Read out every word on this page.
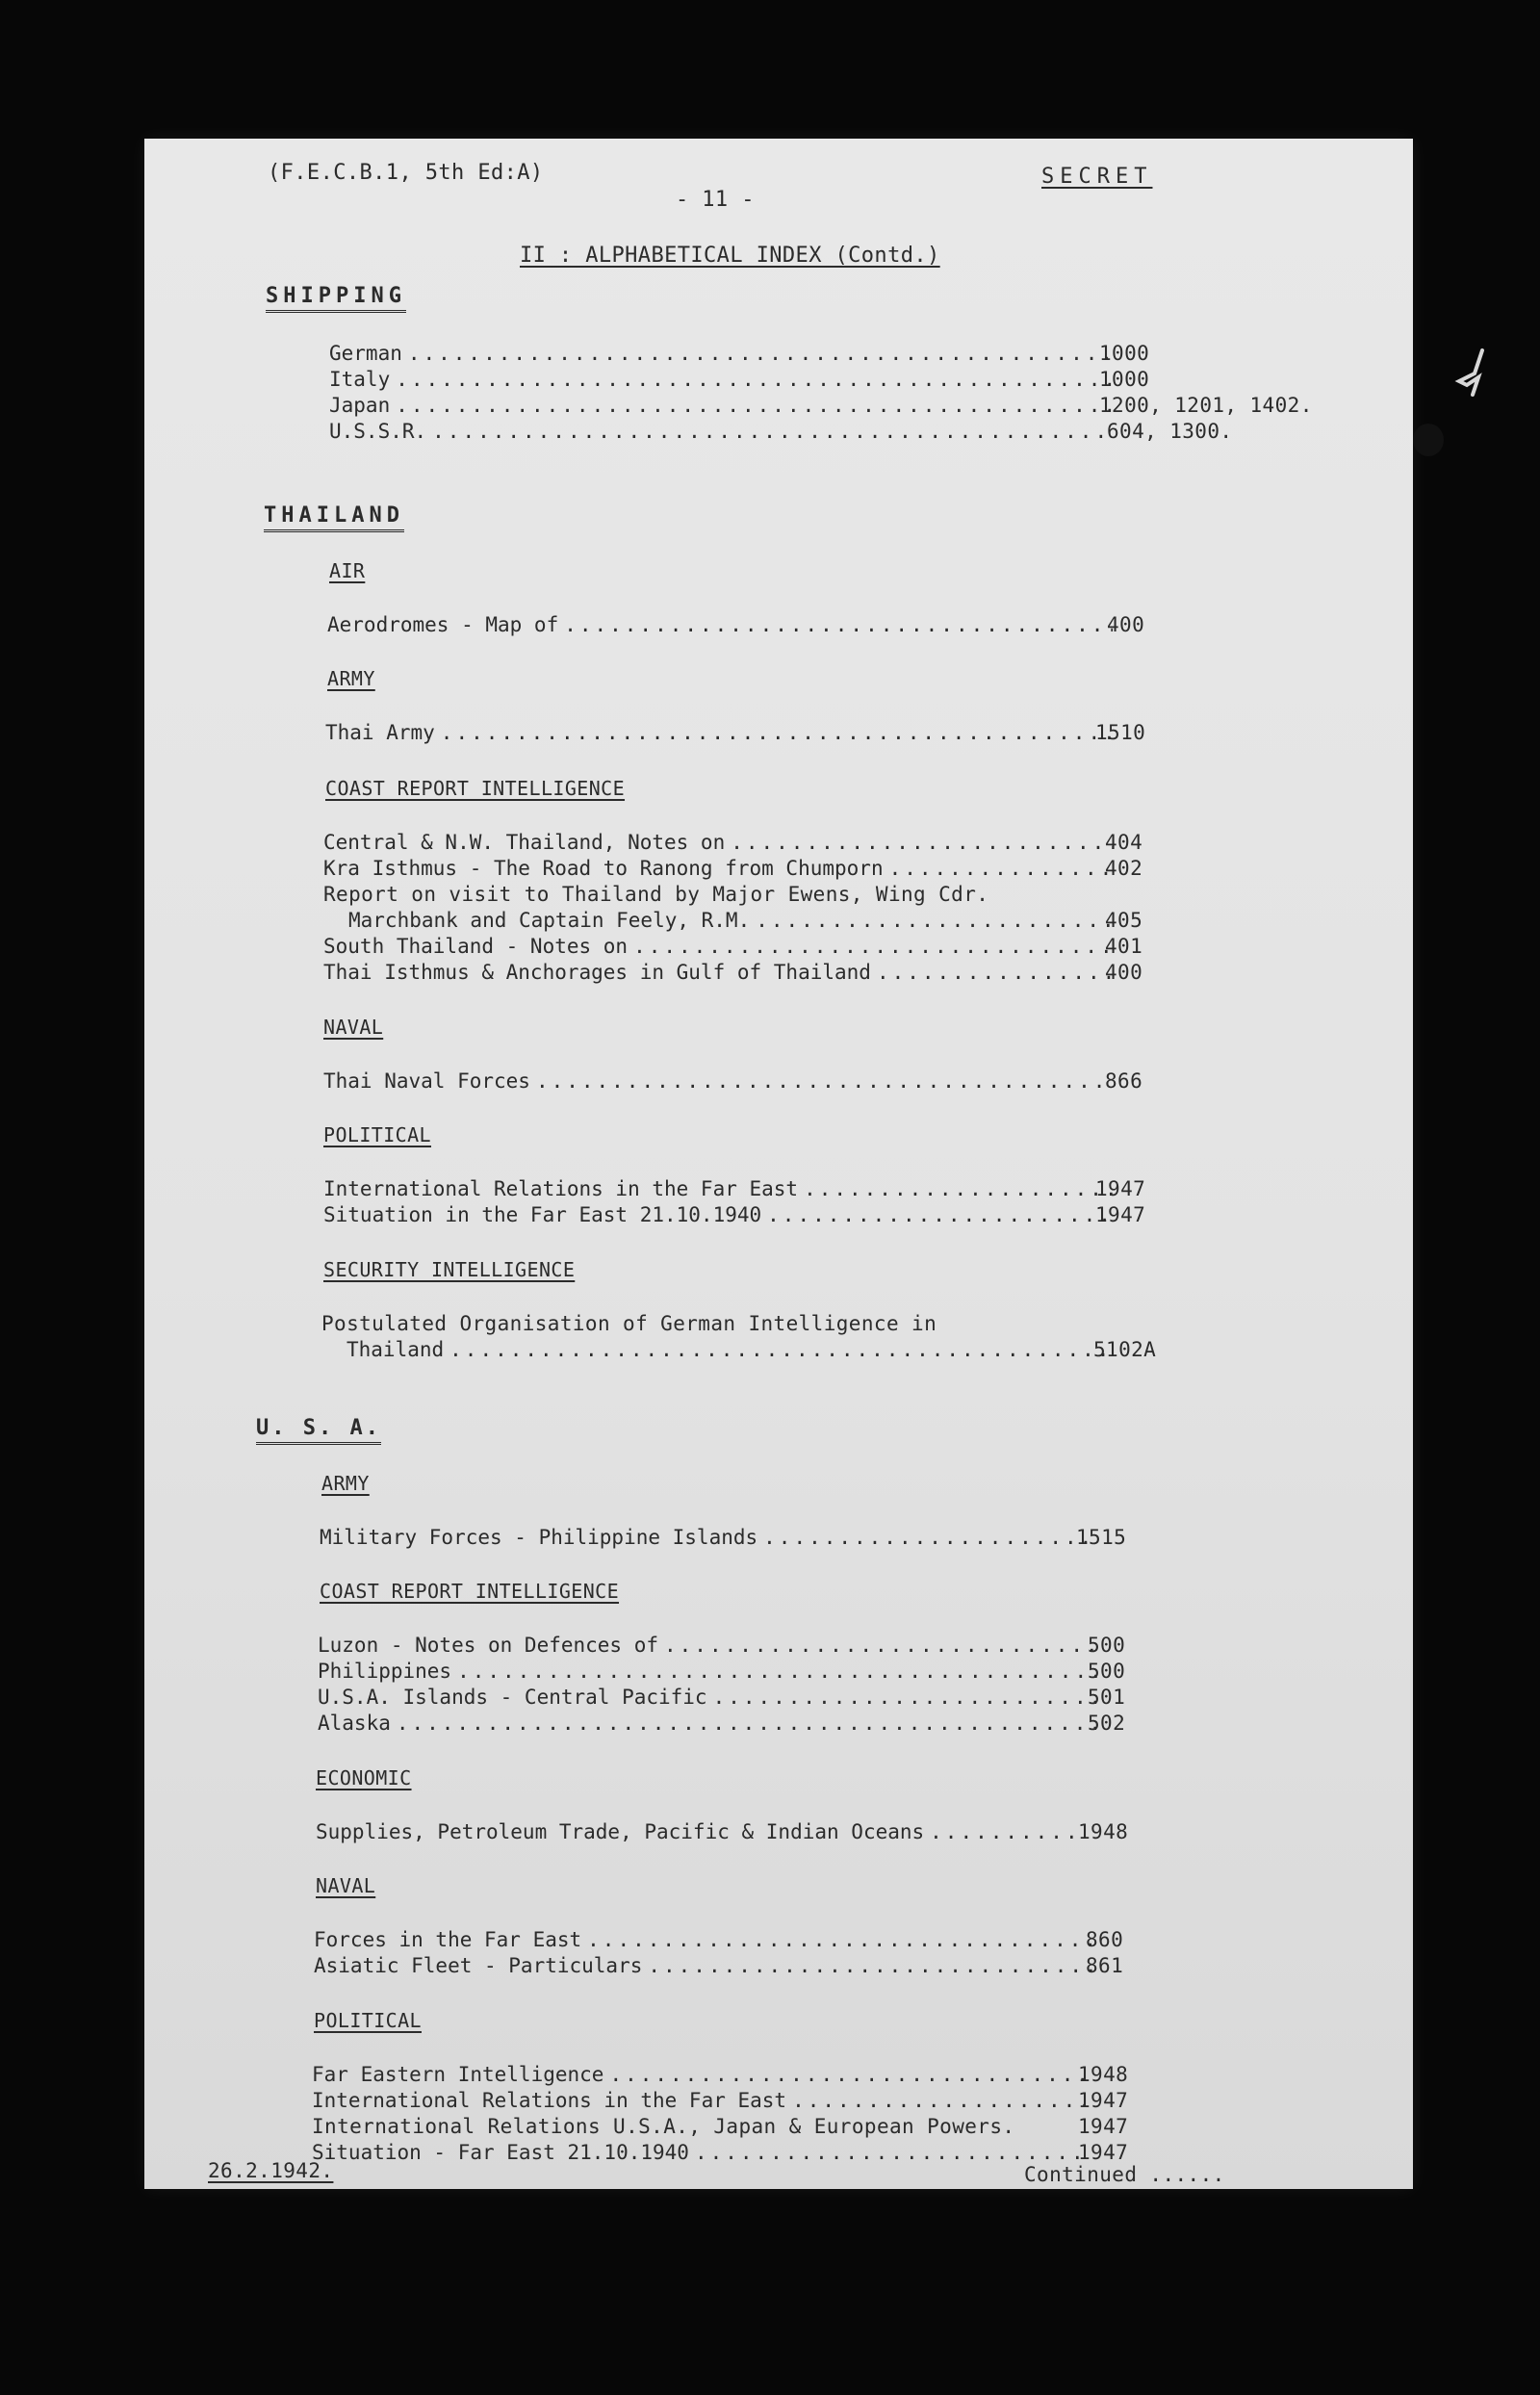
(F.E.C.B.1, 5th Ed:A)	SECRET
- 11 -
II : ALPHABETICAL INDEX (Contd.)
SHIPPING
German .....	1000
Italy .....	1000
Japan .....	1200, 1201, 1402.
U.S.S.R. .....	604, 1300.
THAILAND
AIR
Aerodromes - Map of .....	400
ARMY
Thai Army .....	1510
COAST REPORT INTELLIGENCE
Central & N.W. Thailand, Notes on .....	404
Kra Isthmus - The Road to Ranong from Chumporn .....	402
Report on visit to Thailand by Major Ewens, Wing Cdr.
Marchbank and Captain Feely, R.M. .....	405
South Thailand - Notes on .....	401
Thai Isthmus & Anchorages in Gulf of Thailand .....	400
NAVAL
Thai Naval Forces .....	866
POLITICAL
International Relations in the Far East .....	1947
Situation in the Far East 21.10.1940 .....	1947
SECURITY INTELLIGENCE
Postulated Organisation of German Intelligence in
Thailand .....	5102A
U. S. A.
ARMY
Military Forces - Philippine Islands .....	1515
COAST REPORT INTELLIGENCE
Luzon - Notes on Defences of .....	500
Philippines .....	500
U.S.A. Islands - Central Pacific .....	501
Alaska .....	502
ECONOMIC
Supplies, Petroleum Trade, Pacific & Indian Oceans .....	1948
NAVAL
Forces in the Far East .....	860
Asiatic Fleet - Particulars .....	861
POLITICAL
Far Eastern Intelligence .....	1948
International Relations in the Far East .....	1947
International Relations U.S.A., Japan & European Powers.	1947
Situation - Far East 21.10.1940 .....	1947
26.2.1942.	Continued ......
